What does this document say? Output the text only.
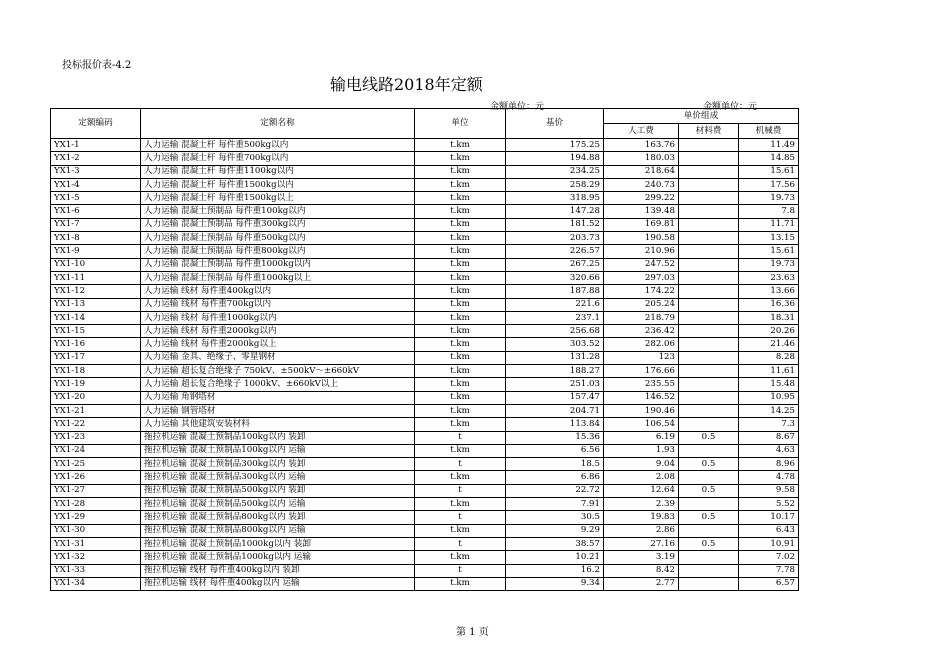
投标报价表-4.2
输电线路2018年定额
金额单位：元	金额单位：元
定额编码	定额名称	单位	基价	单价组成		
				人工费	材料费	机械费
YX1-1	人力运输 混凝土杆 每件重500kg以内	t.km	175.25	163.76		11.49
YX1-2	人力运输 混凝土杆 每件重700kg以内	t.km	194.88	180.03		14.85
YX1-3	人力运输 混凝土杆 每件重1100kg以内	t.km	234.25	218.64		15.61
YX1-4	人力运输 混凝土杆 每件重1500kg以内	t.km	258.29	240.73		17.56
YX1-5	人力运输 混凝土杆 每件重1500kg以上	t.km	318.95	299.22		19.73
YX1-6	人力运输 混凝土预制品 每件重100kg以内	t.km	147.28	139.48		7.8
YX1-7	人力运输 混凝土预制品 每件重300kg以内	t.km	181.52	169.81		11.71
YX1-8	人力运输 混凝土预制品 每件重500kg以内	t.km	203.73	190.58		13.15
YX1-9	人力运输 混凝土预制品 每件重800kg以内	t.km	226.57	210.96		15.61
YX1-10	人力运输 混凝土预制品 每件重1000kg以内	t.km	267.25	247.52		19.73
YX1-11	人力运输 混凝土预制品 每件重1000kg以上	t.km	320.66	297.03		23.63
YX1-12	人力运输 线材 每件重400kg以内	t.km	187.88	174.22		13.66
YX1-13	人力运输 线材 每件重700kg以内	t.km	221.6	205.24		16.36
YX1-14	人力运输 线材 每件重1000kg以内	t.km	237.1	218.79		18.31
YX1-15	人力运输 线材 每件重2000kg以内	t.km	256.68	236.42		20.26
YX1-16	人力运输 线材 每件重2000kg以上	t.km	303.52	282.06		21.46
YX1-17	人力运输 金具、绝缘子、零星钢材	t.km	131.28	123		8.28
YX1-18	人力运输 超长复合绝缘子 750kV、±500kV～±660kV	t.km	188.27	176.66		11.61
YX1-19	人力运输 超长复合绝缘子 1000kV、±660kV以上	t.km	251.03	235.55		15.48
YX1-20	人力运输 角钢塔材	t.km	157.47	146.52		10.95
YX1-21	人力运输 钢管塔材	t.km	204.71	190.46		14.25
YX1-22	人力运输 其他建筑安装材料	t.km	113.84	106.54		7.3
YX1-23	拖拉机运输 混凝土预制品100kg以内 装卸	t	15.36	6.19	0.5	8.67
YX1-24	拖拉机运输 混凝土预制品100kg以内 运输	t.km	6.56	1.93		4.63
YX1-25	拖拉机运输 混凝土预制品300kg以内 装卸	t	18.5	9.04	0.5	8.96
YX1-26	拖拉机运输 混凝土预制品300kg以内 运输	t.km	6.86	2.08		4.78
YX1-27	拖拉机运输 混凝土预制品500kg以内 装卸	t	22.72	12.64	0.5	9.58
YX1-28	拖拉机运输 混凝土预制品500kg以内 运输	t.km	7.91	2.39		5.52
YX1-29	拖拉机运输 混凝土预制品800kg以内 装卸	t	30.5	19.83	0.5	10.17
YX1-30	拖拉机运输 混凝土预制品800kg以内 运输	t.km	9.29	2.86		6.43
YX1-31	拖拉机运输 混凝土预制品1000kg以内 装卸	t	38.57	27.16	0.5	10.91
YX1-32	拖拉机运输 混凝土预制品1000kg以内 运输	t.km	10.21	3.19		7.02
YX1-33	拖拉机运输 线材 每件重400kg以内 装卸	t	16.2	8.42		7.78
YX1-34	拖拉机运输 线材 每件重400kg以内 运输	t.km	9.34	2.77		6.57
第 1 页
